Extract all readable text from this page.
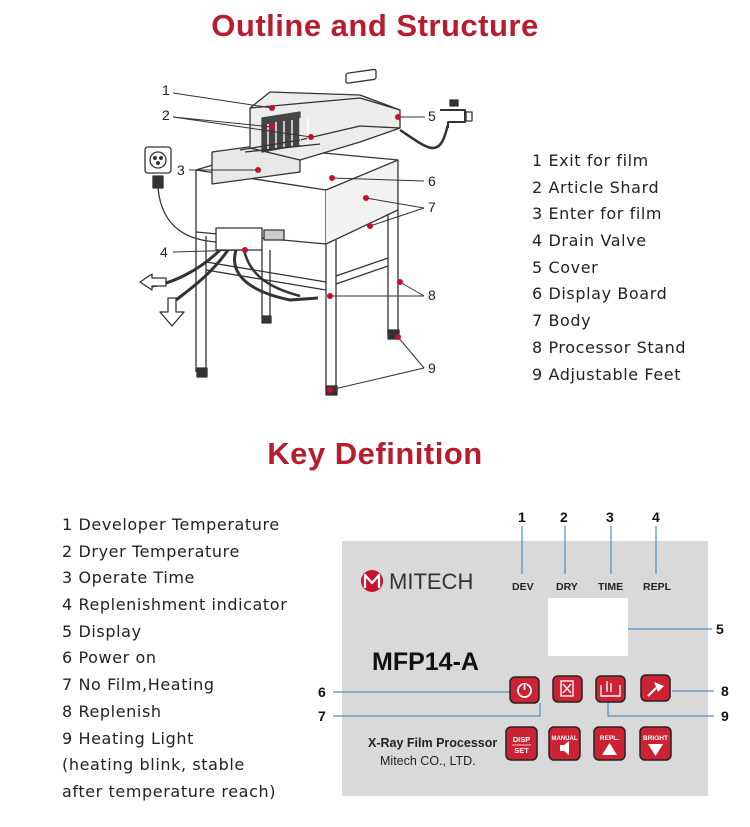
Outline and Structure
Key Definition
1 Exit for film
2 Article Shard
3 Enter for film
4 Drain Valve
5 Cover
6 Display Board
7 Body
8 Processor Stand
9 Adjustable Feet
1 Developer Temperature
2 Dryer Temperature
3 Operate Time
4 Replenishment indicator
5 Display
6 Power on
7 No Film,Heating
8 Replenish
9 Heating Light
(heating blink, stable
after temperature reach)
1
2
3
4
5
6
7
8
9
MITECH
MFP14-A
X-Ray Film Processor
Mitech CO., LTD.
DEV DRY TIME REPL
DISP
SET
MANUAL	REPL.	BRIGHT
1 2	3	4
5
6
7
8
9
